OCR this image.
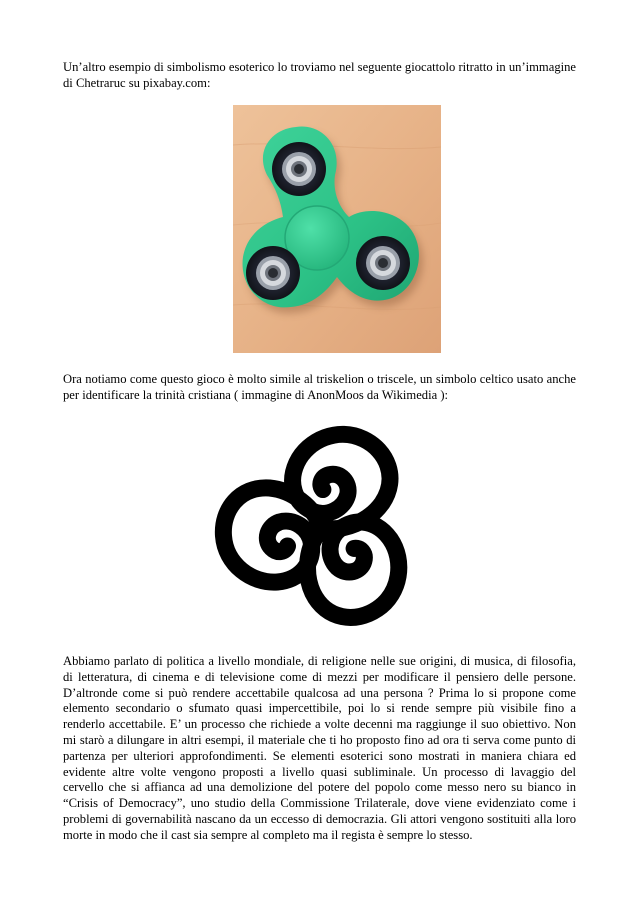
Un’altro esempio di simbolismo esoterico lo troviamo nel seguente giocattolo ritratto in un’immagine di Chetraruc su pixabay.com:

Ora notiamo come questo gioco è molto simile al triskelion o triscele, un simbolo celtico usato anche per identificare la trinità cristiana ( immagine di AnonMoos da Wikimedia ):

Abbiamo parlato di politica a livello mondiale, di religione nelle sue origini, di musica, di filosofia, di letteratura, di cinema e di televisione come di mezzi per modificare il pensiero delle persone. D’altronde come si può rendere accettabile qualcosa ad una persona ? Prima lo si propone come elemento secondario o sfumato quasi impercettibile, poi lo si rende sempre più visibile fino a renderlo accettabile. E’ un processo che richiede a volte decenni ma raggiunge il suo obiettivo. Non mi starò a dilungare in altri esempi, il materiale che ti ho proposto fino ad ora ti serva come punto di partenza per ulteriori approfondimenti. Se elementi esoterici sono mostrati in maniera chiara ed evidente altre volte vengono proposti a livello quasi subliminale. Un processo di lavaggio del cervello che si affianca ad una demolizione del potere del popolo come messo nero su bianco in “Crisis of Democracy”, uno studio della Commissione Trilaterale, dove viene evidenziato come i problemi di governabilità nascano da un eccesso di democrazia. Gli attori vengono sostituiti alla loro morte in modo che il cast sia sempre al completo ma il regista è sempre lo stesso.
